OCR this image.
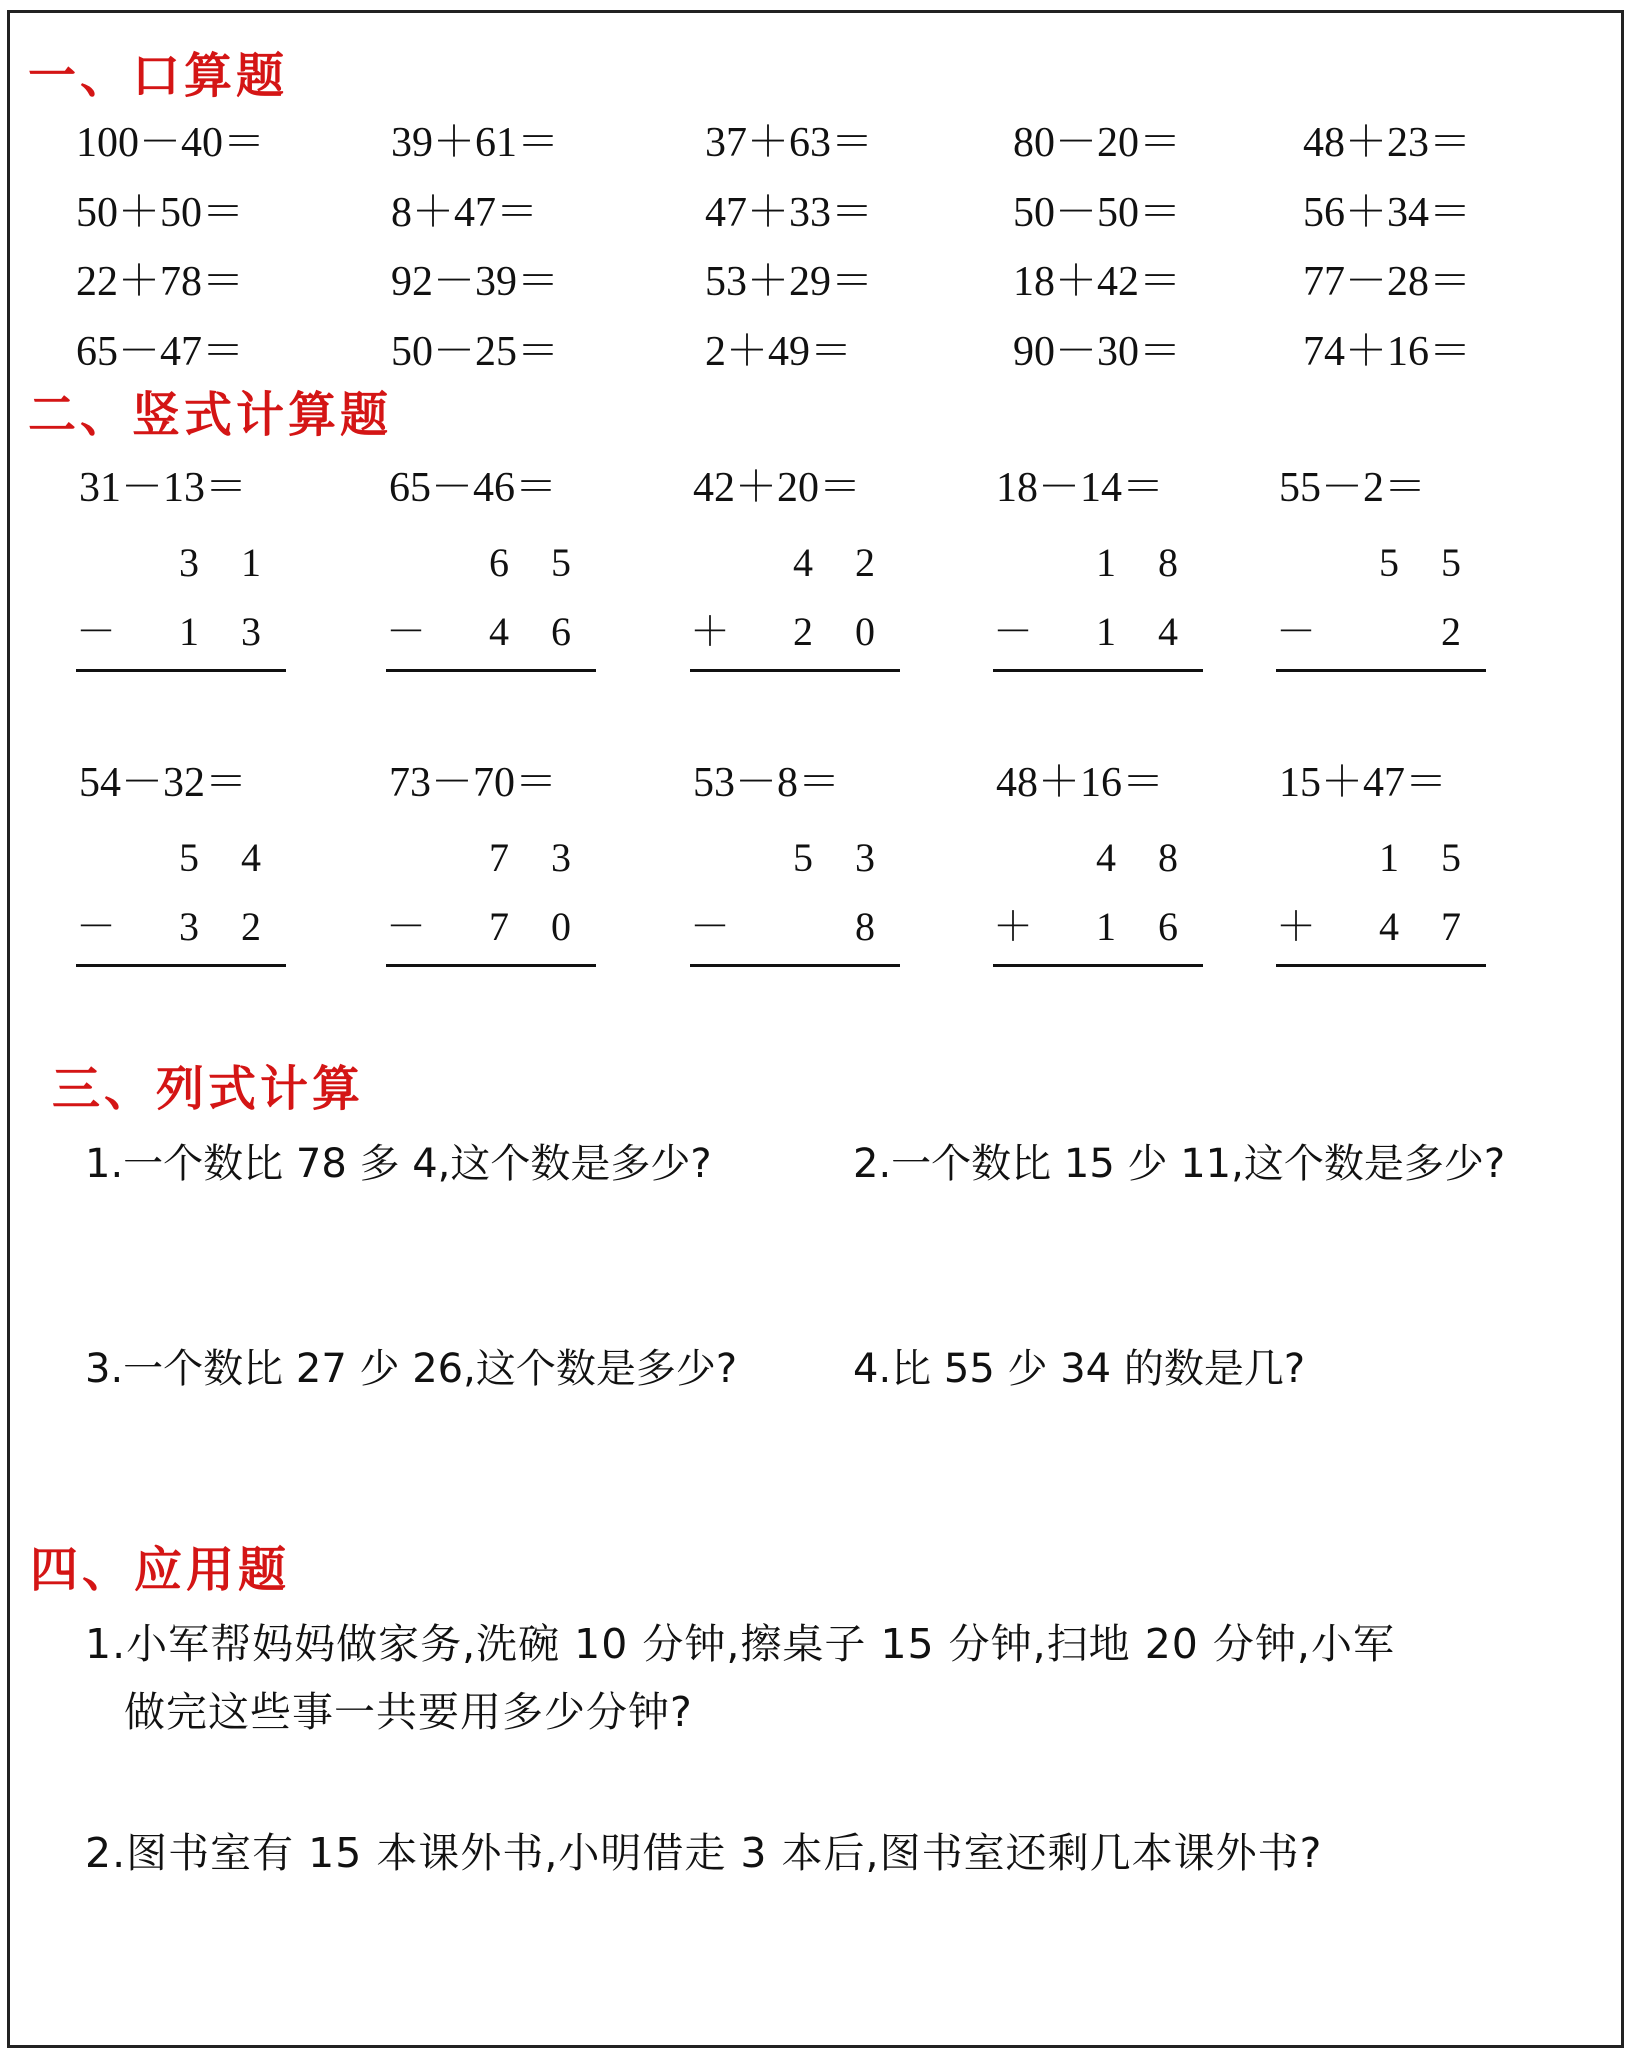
一、口算题
100－40＝	39＋61＝	37＋63＝	80－20＝	48＋23＝
50＋50＝	8＋47＝	47＋33＝	50－50＝	56＋34＝
22＋78＝	92－39＝	53＋29＝	18＋42＝	77－28＝
65－47＝	50－25＝	2＋49＝	90－30＝	74＋16＝
二、竖式计算题
31－13＝
3 1
－ 1 3
65－46＝
6 5
－ 4 6
42＋20＝
4 2
＋ 2 0
18－14＝
1 8
－ 1 4
55－2＝
5 5
－	2
54－32＝
5 4
－ 3 2
73－70＝
7 3
－ 7 0
53－8＝
5 3
－	8
48＋16＝
4 8
＋ 1 6
15＋47＝
1 5
＋ 4 7
三、列式计算
1.一个数比 78 多 4,这个数是多少?	2.一个数比 15 少 11,这个数是多少?
3.一个数比 27 少 26,这个数是多少?	4.比 55 少 34 的数是几?
四、应用题
1.小军帮妈妈做家务,洗碗 10 分钟,擦桌子 15 分钟,扫地 20 分钟,小军
做完这些事一共要用多少分钟?
2.图书室有 15 本课外书,小明借走 3 本后,图书室还剩几本课外书?
